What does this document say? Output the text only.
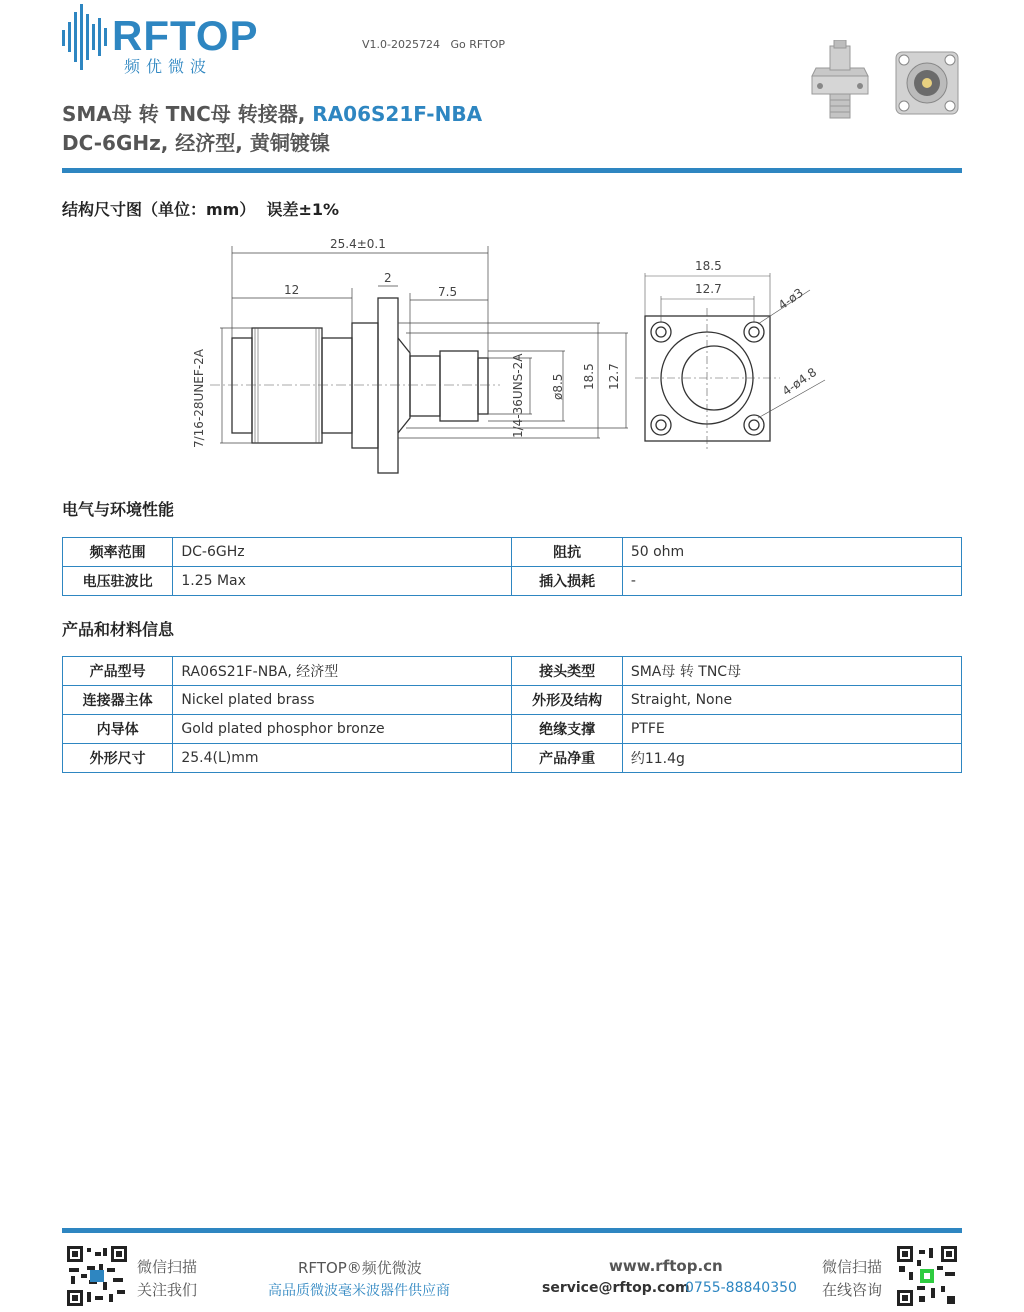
RFTOP
频优微波
V1.0-2025724   Go RFTOP
SMA母 转 TNC母 转接器, RA06S21F-NBA
DC-6GHz, 经济型, 黄铜镀镍
结构尺寸图（单位：mm）  误差±1%
25.4±0.1
12
2
7.5
7/16-28UNEF-2A	1/4-36UNS-2A ø8.5 18.5 12.7
18.5
12.7	4-ø3
4-ø4.8
电气与环境性能
频率范围	DC-6GHz	阻抗	50 ohm
电压驻波比	1.25 Max	插入损耗	-
产品和材料信息
产品型号	RA06S21F-NBA, 经济型	接头类型	SMA母 转 TNC母
连接器主体	Nickel plated brass	外形及结构	Straight, None
内导体	Gold plated phosphor bronze	绝缘支撑	PTFE
外形尺寸	25.4(L)mm	产品净重	约11.4g
微信扫描
关注我们
RFTOP®频优微波
高品质微波毫米波器件供应商
www.rftop.cn
service@rftop.com
0755-88840350
微信扫描
在线咨询
